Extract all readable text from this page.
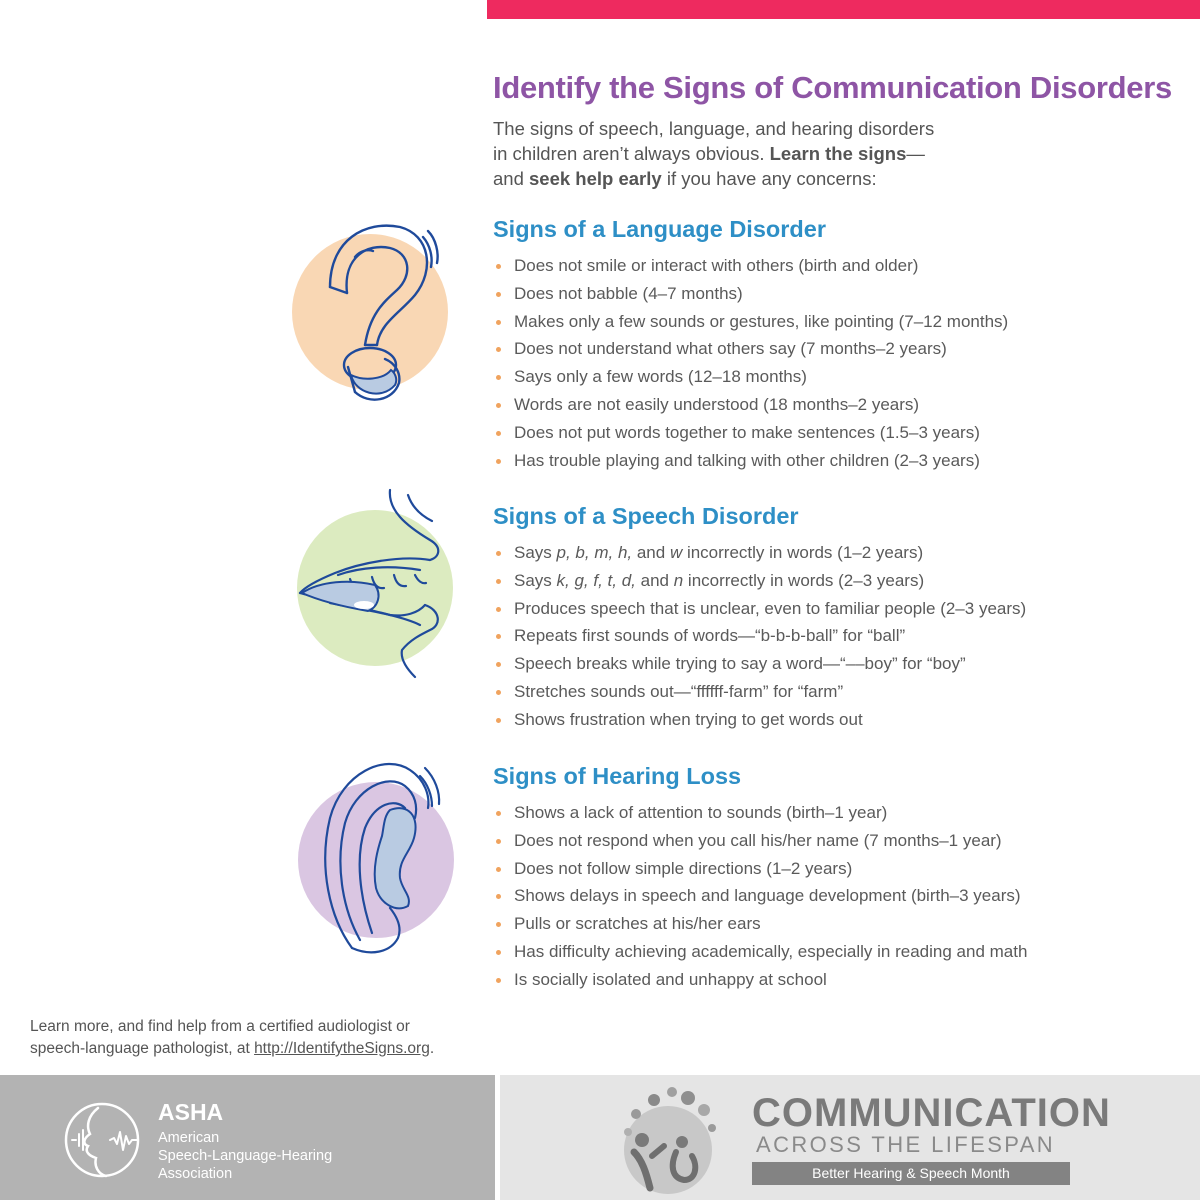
Identify the Signs of Communication Disorders

The signs of speech, language, and hearing disorders
in children aren’t always obvious. Learn the signs—
and seek help early if you have any concerns:

Signs of a Language Disorder
Does not smile or interact with others (birth and older)
Does not babble (4–7 months)
Makes only a few sounds or gestures, like pointing (7–12 months)
Does not understand what others say (7 months–2 years)
Says only a few words (12–18 months)
Words are not easily understood (18 months–2 years)
Does not put words together to make sentences (1.5–3 years)
Has trouble playing and talking with other children (2–3 years)
Signs of a Speech Disorder
Says p, b, m, h, and w incorrectly in words (1–2 years)
Says k, g, f, t, d, and n incorrectly in words (2–3 years)
Produces speech that is unclear, even to familiar people (2–3 years)
Repeats first sounds of words—“b-b-b-ball” for “ball”
Speech breaks while trying to say a word—“––boy” for “boy”
Stretches sounds out—“ffffff-farm” for “farm”
Shows frustration when trying to get words out
Signs of Hearing Loss
Shows a lack of attention to sounds (birth–1 year)
Does not respond when you call his/her name (7 months–1 year)
Does not follow simple directions (1–2 years)
Shows delays in speech and language development (birth–3 years)
Pulls or scratches at his/her ears
Has difficulty achieving academically, especially in reading and math
Is socially isolated and unhappy at school

Learn more, and find help from a certified audiologist or
speech-language pathologist, at http://IdentifytheSigns.org.

ASHA
American
Speech-Language-Hearing
Association
COMMUNICATION
ACROSS THE LIFESPAN
Better Hearing & Speech Month
